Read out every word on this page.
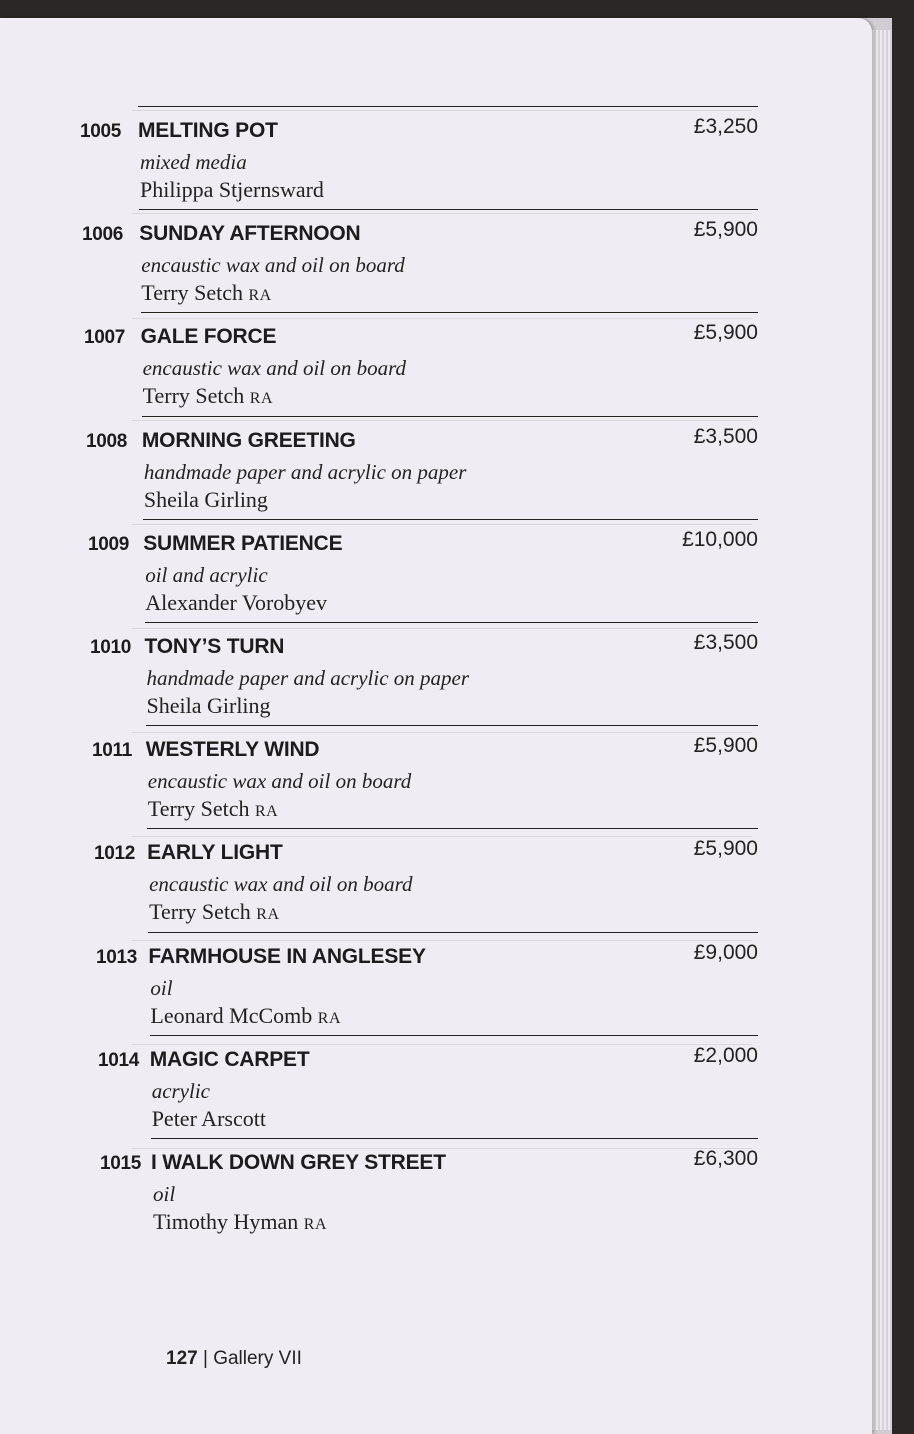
1005 MELTING POT
mixed media
Philippa Stjernsward
£3,250
1006 SUNDAY AFTERNOON
encaustic wax and oil on board
Terry Setch RA
£5,900
1007 GALE FORCE
encaustic wax and oil on board
Terry Setch RA
£5,900
1008 MORNING GREETING
handmade paper and acrylic on paper
Sheila Girling
£3,500
1009 SUMMER PATIENCE
oil and acrylic
Alexander Vorobyev
£10,000
1010 TONY’S TURN
handmade paper and acrylic on paper
Sheila Girling
£3,500
1011 WESTERLY WIND
encaustic wax and oil on board
Terry Setch RA
£5,900
1012 EARLY LIGHT
encaustic wax and oil on board
Terry Setch RA
£5,900
1013 FARMHOUSE IN ANGLESEY
oil
Leonard McComb RA
£9,000
1014 MAGIC CARPET
acrylic
Peter Arscott
£2,000
1015 I WALK DOWN GREY STREET
oil
Timothy Hyman RA
£6,300
127 | Gallery VII
